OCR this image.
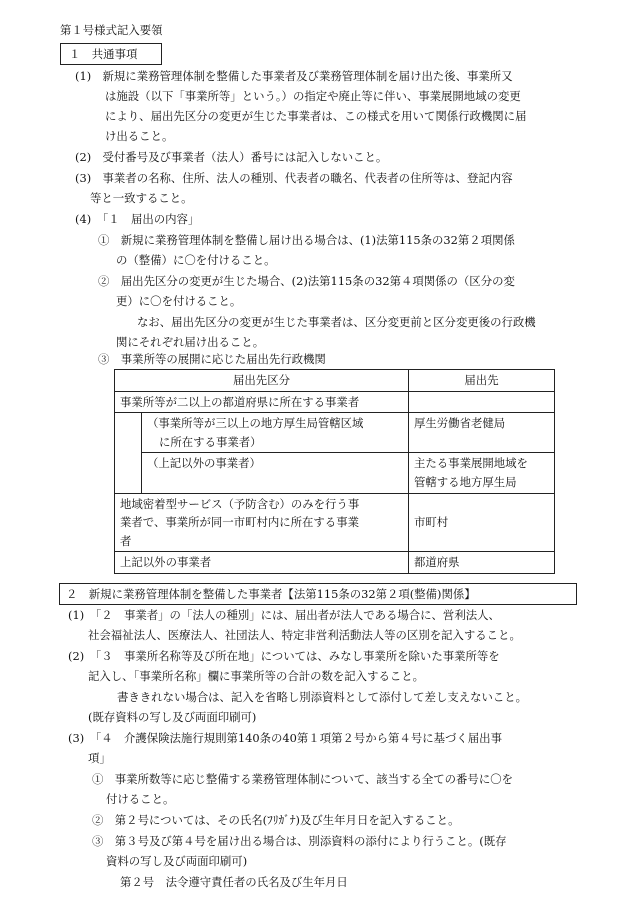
第１号様式記入要領
１　共通事項
(1)　新規に業務管理体制を整備した事業者及び業務管理体制を届け出た後、事業所又
は施設（以下「事業所等」という。）の指定や廃止等に伴い、事業展開地域の変更
により、届出先区分の変更が生じた事業者は、この様式を用いて関係行政機関に届
け出ること。
(2)　受付番号及び事業者（法人）番号には記入しないこと。
(3)　事業者の名称、住所、法人の種別、代表者の職名、代表者の住所等は、登記内容
等と一致すること。
(4)　「１　届出の内容」
①　新規に業務管理体制を整備し届け出る場合は、(1)法第115条の32第２項関係
の（整備）に〇を付けること。
②　届出先区分の変更が生じた場合、(2)法第115条の32第４項関係の（区分の変
更）に〇を付けること。
なお、届出先区分の変更が生じた事業者は、区分変更前と区分変更後の行政機
関にそれぞれ届け出ること。
③　事業所等の展開に応じた届出先行政機関
届出先区分		届出先
事業所等が二以上の都道府県に所在する事業者		

	（事業所等が三以上の地方厚生局管轄区域
に所在する事業者）	厚生労働省老健局
	（上記以外の事業者）	主たる事業展開地域を
管轄する地方厚生局

地域密着型サービス（予防含む）のみを行う事
業者で、事業所が同一市町村内に所在する事業
者		市町村
上記以外の事業者		都道府県
２　新規に業務管理体制を整備した事業者【法第115条の32第２項(整備)関係】
(1)　「２　事業者」の「法人の種別」には、届出者が法人である場合に、営利法人、
社会福祉法人、医療法人、社団法人、特定非営利活動法人等の区別を記入すること。
(2)　「３　事業所名称等及び所在地」については、みなし事業所を除いた事業所等を
記入し、「事業所名称」欄に事業所等の合計の数を記入すること。
書ききれない場合は、記入を省略し別添資料として添付して差し支えないこと。
(既存資料の写し及び両面印刷可)
(3)　「４　介護保険法施行規則第140条の40第１項第２号から第４号に基づく届出事
項」
①　事業所数等に応じ整備する業務管理体制について、該当する全ての番号に〇を
付けること。
②　第２号については、その氏名(ﾌﾘｶﾞﾅ)及び生年月日を記入すること。
③　第３号及び第４号を届け出る場合は、別添資料の添付により行うこと。(既存
資料の写し及び両面印刷可)
第２号　法令遵守責任者の氏名及び生年月日
